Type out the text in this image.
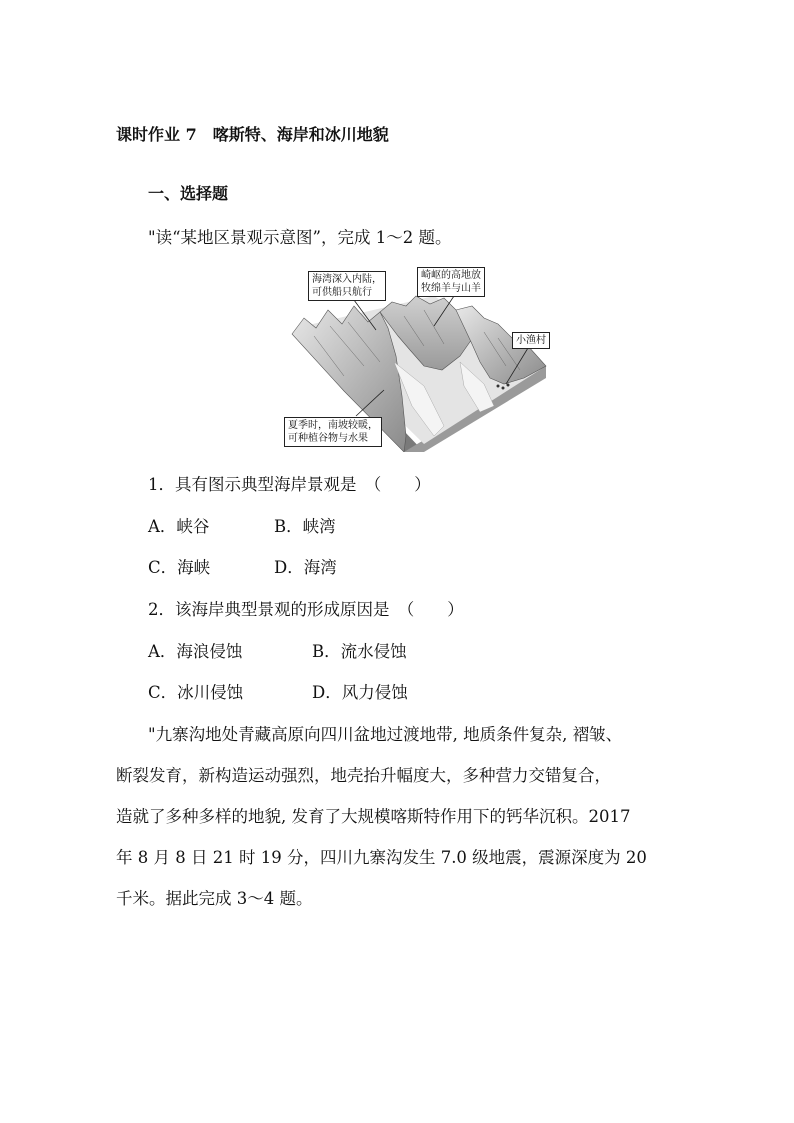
课时作业 7　喀斯特、海岸和冰川地貌
一、选择题
"读“某地区景观示意图”，完成 1～2 题。
海湾深入内陆，
可供船只航行
崎岖的高地放
牧绵羊与山羊
小渔村
夏季时，南坡较暖，
可种植谷物与水果
1．具有图示典型海岸景观是　（　　）
A．峡谷	B．峡湾
C．海峡	D．海湾
2．该海岸典型景观的形成原因是　（　　）
A．海浪侵蚀	B．流水侵蚀
C．冰川侵蚀	D．风力侵蚀
"九寨沟地处青藏高原向四川盆地过渡地带, 地质条件复杂, 褶皱、
断裂发育，新构造运动强烈，地壳抬升幅度大，多种营力交错复合，
造就了多种多样的地貌, 发育了大规模喀斯特作用下的钙华沉积。2017
年 8 月 8 日 21 时 19 分，四川九寨沟发生 7.0 级地震，震源深度为 20
千米。据此完成 3～4 题。
